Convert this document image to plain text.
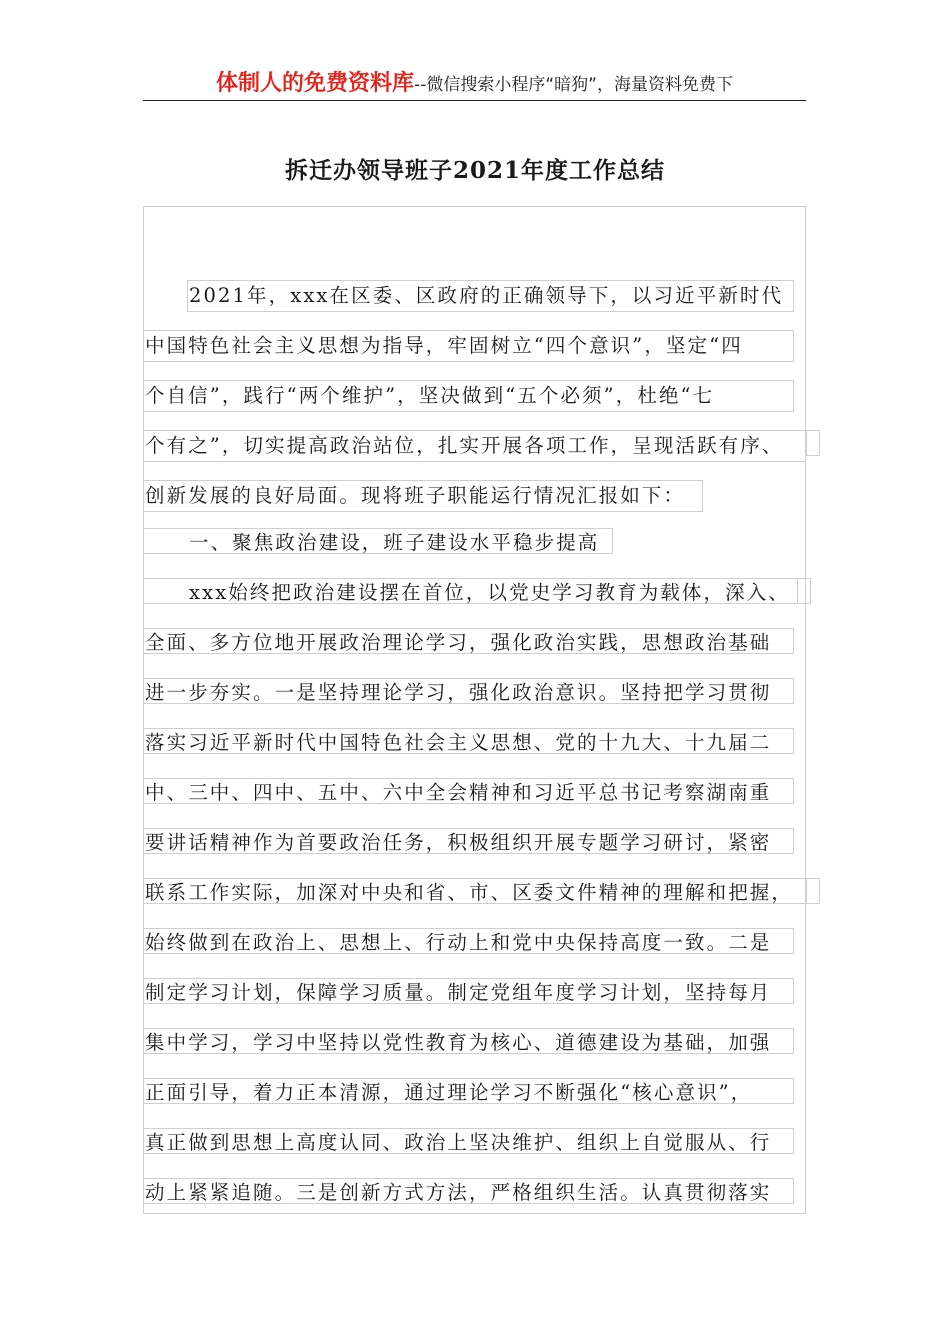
体制人的免费资料库 --微信搜索小程序“暗狗”，海量资料免费下
拆迁办领导班子2021年度工作总结
2021年，xxx在区委、区政府的正确领导下，以习近平新时代
中国特色社会主义思想为指导，牢固树立“四个意识”，坚定“四
个自信”，践行“两个维护”，坚决做到“五个必须”，杜绝“七
个有之”，切实提高政治站位，扎实开展各项工作，呈现活跃有序、
创新发展的良好局面。现将班子职能运行情况汇报如下：
一、聚焦政治建设，班子建设水平稳步提高
xxx始终把政治建设摆在首位，以党史学习教育为载体，深入、
全面、多方位地开展政治理论学习，强化政治实践，思想政治基础
进一步夯实。一是坚持理论学习，强化政治意识。坚持把学习贯彻
落实习近平新时代中国特色社会主义思想、党的十九大、十九届二
中、三中、四中、五中、六中全会精神和习近平总书记考察湖南重
要讲话精神作为首要政治任务，积极组织开展专题学习研讨，紧密
联系工作实际，加深对中央和省、市、区委文件精神的理解和把握，
始终做到在政治上、思想上、行动上和党中央保持高度一致。二是
制定学习计划，保障学习质量。制定党组年度学习计划，坚持每月
集中学习，学习中坚持以党性教育为核心、道德建设为基础，加强
正面引导，着力正本清源，通过理论学习不断强化“核心意识”，
真正做到思想上高度认同、政治上坚决维护、组织上自觉服从、行
动上紧紧追随。三是创新方式方法，严格组织生活。认真贯彻落实
